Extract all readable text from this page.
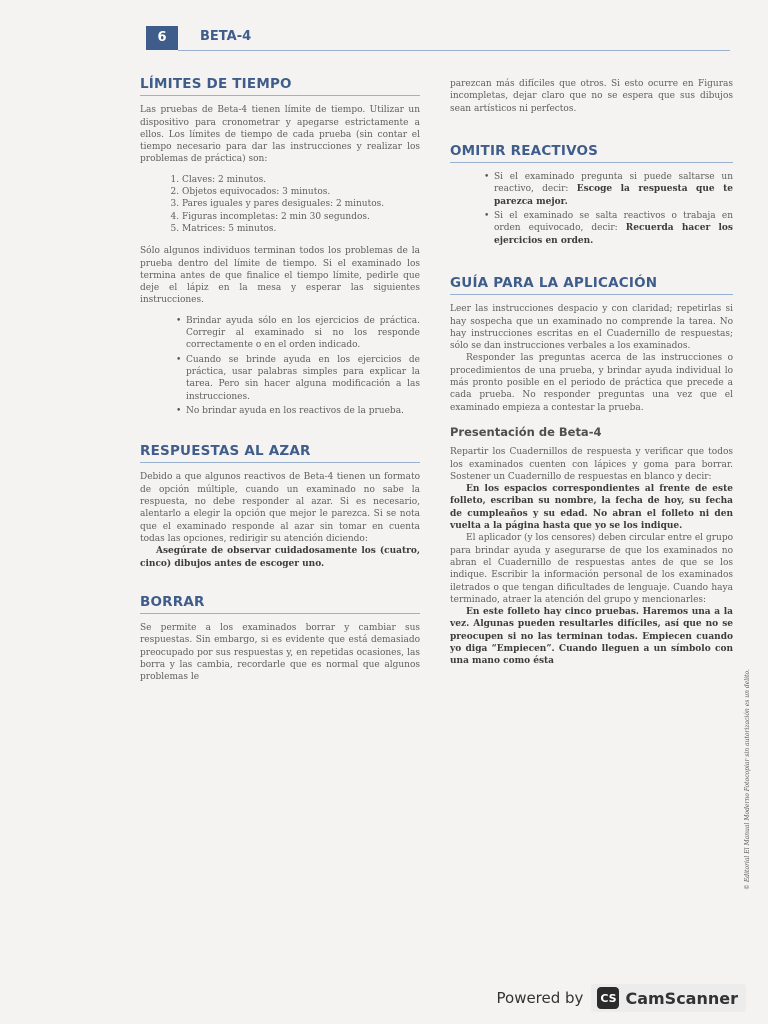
6	BETA-4
LÍMITES DE TIEMPO

Las pruebas de Beta-4 tienen límite de tiempo. Utilizar un dispositivo para cronometrar y apegarse estrictamente a ellos. Los límites de tiempo de cada prueba (sin contar el tiempo necesario para dar las instrucciones y realizar los problemas de práctica) son:

1. Claves: 2 minutos.
2. Objetos equivocados: 3 minutos.
3. Pares iguales y pares desiguales: 2 minutos.
4. Figuras incompletas: 2 min 30 segundos.
5. Matrices: 5 minutos.

Sólo algunos individuos terminan todos los problemas de la prueba dentro del límite de tiempo. Si el examinado los termina antes de que finalice el tiempo límite, pedirle que deje el lápiz en la mesa y esperar las siguientes instrucciones.

• Brindar ayuda sólo en los ejercicios de práctica. Corregir al examinado si no los responde correctamente o en el orden indicado.
• Cuando se brinde ayuda en los ejercicios de práctica, usar palabras simples para explicar la tarea. Pero sin hacer alguna modificación a las instrucciones.
• No brindar ayuda en los reactivos de la prueba.
RESPUESTAS AL AZAR

Debido a que algunos reactivos de Beta-4 tienen un formato de opción múltiple, cuando un examinado no sabe la respuesta, no debe responder al azar. Si es necesario, alentarlo a elegir la opción que mejor le parezca. Si se nota que el examinado responde al azar sin tomar en cuenta todas las opciones, redirigir su atención diciendo:

Asegúrate de observar cuidadosamente los (cuatro, cinco) dibujos antes de escoger uno.

BORRAR

Se permite a los examinados borrar y cambiar sus respuestas. Sin embargo, si es evidente que está demasiado preocupado por sus respuestas y, en repetidas ocasiones, las borra y las cambia, recordarle que es normal que algunos problemas le

parezcan más difíciles que otros. Si esto ocurre en Figuras incompletas, dejar claro que no se espera que sus dibujos sean artísticos ni perfectos.

OMITIR REACTIVOS
• Si el examinado pregunta si puede saltarse un reactivo, decir: Escoge la respuesta que te parezca mejor.
• Si el examinado se salta reactivos o trabaja en orden equivocado, decir: Recuerda hacer los ejercicios en orden.
GUÍA PARA LA APLICACIÓN

Leer las instrucciones despacio y con claridad; repetirlas si hay sospecha que un examinado no comprende la tarea. No hay instrucciones escritas en el Cuadernillo de respuestas; sólo se dan instrucciones verbales a los examinados.

Responder las preguntas acerca de las instrucciones o procedimientos de una prueba, y brindar ayuda individual lo más pronto posible en el periodo de práctica que precede a cada prueba. No responder preguntas una vez que el examinado empieza a contestar la prueba.

Presentación de Beta-4

Repartir los Cuadernillos de respuesta y verificar que todos los examinados cuenten con lápices y goma para borrar. Sostener un Cuadernillo de respuestas en blanco y decir:

En los espacios correspondientes al frente de este folleto, escriban su nombre, la fecha de hoy, su fecha de cumpleaños y su edad. No abran el folleto ni den vuelta a la página hasta que yo se los indique.

El aplicador (y los censores) deben circular entre el grupo para brindar ayuda y asegurarse de que los examinados no abran el Cuadernillo de respuestas antes de que se los indique. Escribir la información personal de los examinados iletrados o que tengan dificultades de lenguaje. Cuando haya terminado, atraer la atención del grupo y mencionarles:

En este folleto hay cinco pruebas. Haremos una a la vez. Algunas pueden resultarles difíciles, así que no se preocupen si no las terminan todas. Empiecen cuando yo diga “Empiecen”. Cuando lleguen a un símbolo con una mano como ésta

© Editorial El Manual Moderno Fotocopiar sin autorización es un delito.
Powered by CS CamScanner
